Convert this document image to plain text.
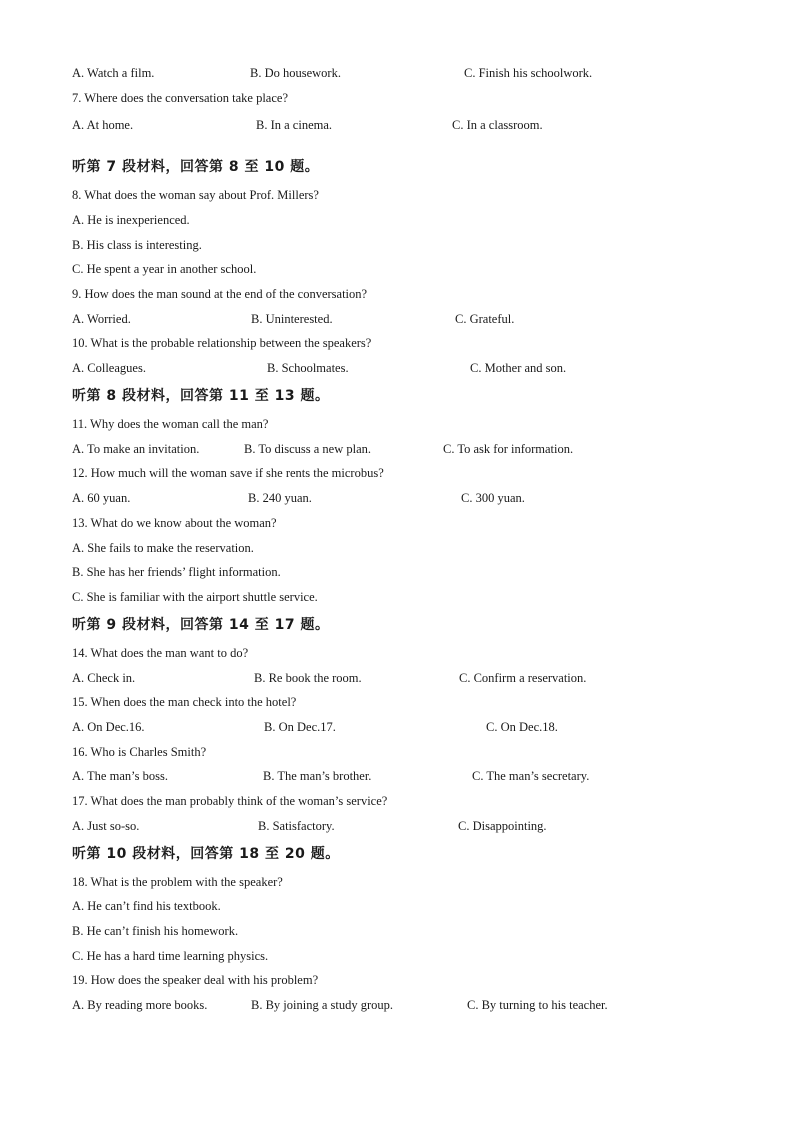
A. Watch a film.	B. Do housework.	C. Finish his schoolwork.
7. Where does the conversation take place?
A. At home.	B. In a cinema.	C. In a classroom.
听第 7 段材料，回答第 8 至 10 题。
8. What does the woman say about Prof. Millers?
A. He is inexperienced.
B. His class is interesting.
C. He spent a year in another school.
9. How does the man sound at the end of the conversation?
A. Worried.	B. Uninterested.	C. Grateful.
10. What is the probable relationship between the speakers?
A. Colleagues.	B. Schoolmates.	C. Mother and son.
听第 8 段材料，回答第 11 至 13 题。
11. Why does the woman call the man?
A. To make an invitation.	B. To discuss a new plan.	C. To ask for information.
12. How much will the woman save if she rents the microbus?
A. 60 yuan.	B. 240 yuan.	C. 300 yuan.
13. What do we know about the woman?
A. She fails to make the reservation.
B. She has her friends’ flight information.
C. She is familiar with the airport shuttle service.
听第 9 段材料，回答第 14 至 17 题。
14. What does the man want to do?
A. Check in.	B. Re book the room.	C. Confirm a reservation.
15. When does the man check into the hotel?
A. On Dec.16.	B. On Dec.17.	C. On Dec.18.
16. Who is Charles Smith?
A. The man’s boss.	B. The man’s brother.	C. The man’s secretary.
17. What does the man probably think of the woman’s service?
A. Just so-so.	B. Satisfactory.	C. Disappointing.
听第 10 段材料，回答第 18 至 20 题。
18. What is the problem with the speaker?
A. He can’t find his textbook.
B. He can’t finish his homework.
C. He has a hard time learning physics.
19. How does the speaker deal with his problem?
A. By reading more books.	B. By joining a study group.	C. By turning to his teacher.
